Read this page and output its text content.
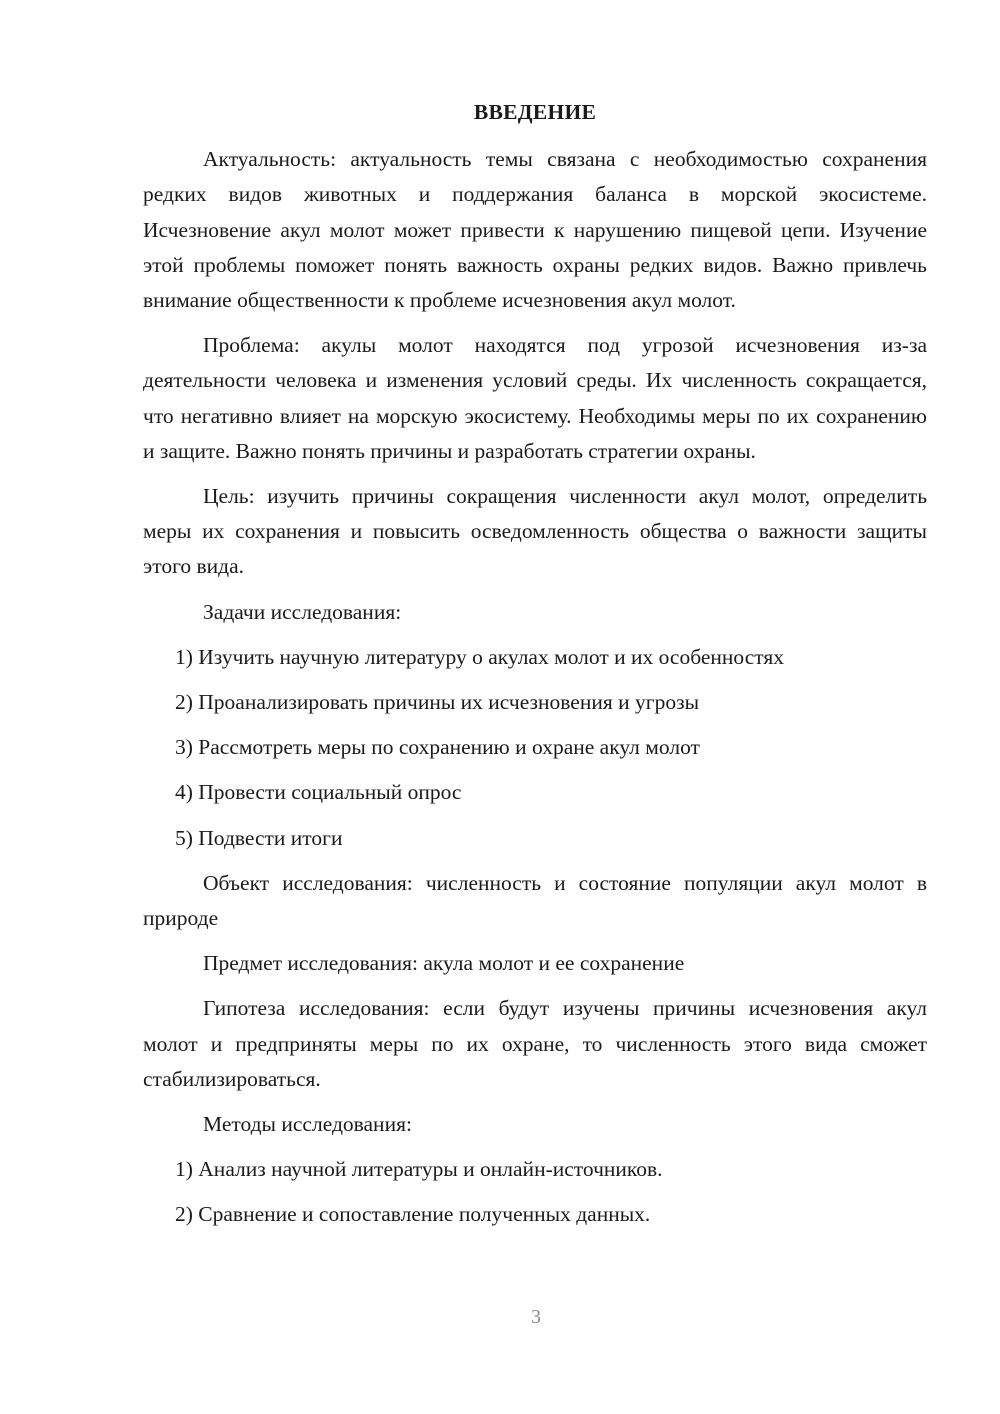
ВВЕДЕНИЕ

Актуальность: актуальность темы связана с необходимостью сохранения редких видов животных и поддержания баланса в морской экосистеме. Исчезновение акул молот может привести к нарушению пищевой цепи. Изучение этой проблемы поможет понять важность охраны редких видов. Важно привлечь внимание общественности к проблеме исчезновения акул молот.

Проблема: акулы молот находятся под угрозой исчезновения из-за деятельности человека и изменения условий среды. Их численность сокращается, что негативно влияет на морскую экосистему. Необходимы меры по их сохранению и защите. Важно понять причины и разработать стратегии охраны.

Цель: изучить причины сокращения численности акул молот, определить меры их сохранения и повысить осведомленность общества о важности защиты этого вида.

Задачи исследования:

1) Изучить научную литературу о акулах молот и их особенностях
2) Проанализировать причины их исчезновения и угрозы
3) Рассмотреть меры по сохранению и охране акул молот
4) Провести социальный опрос
5) Подвести итоги

Объект исследования: численность и состояние популяции акул молот в природе

Предмет исследования: акула молот и ее сохранение

Гипотеза исследования: если будут изучены причины исчезновения акул молот и предприняты меры по их охране, то численность этого вида сможет стабилизироваться.

Методы исследования:

1) Анализ научной литературы и онлайн-источников.
2) Сравнение и сопоставление полученных данных.
3
